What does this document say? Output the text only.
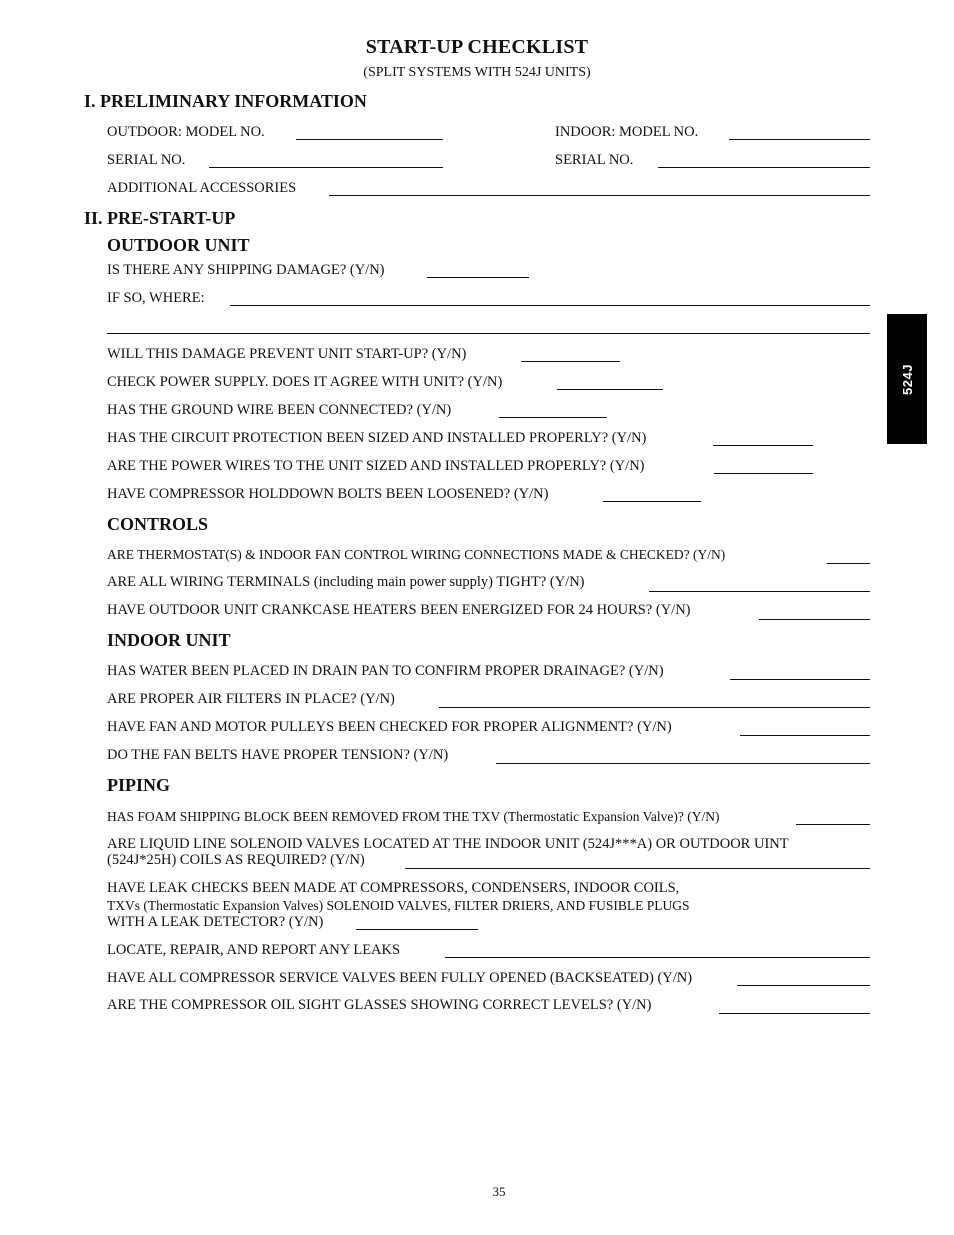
START-UP CHECKLIST
(SPLIT SYSTEMS WITH 524J UNITS)
524J
I. PRELIMINARY INFORMATION
OUTDOOR: MODEL NO.	INDOOR: MODEL NO.
SERIAL NO.	SERIAL NO.
ADDITIONAL ACCESSORIES
II. PRE-START-UP
OUTDOOR UNIT
IS THERE ANY SHIPPING DAMAGE? (Y/N)
IF SO, WHERE:
WILL THIS DAMAGE PREVENT UNIT START-UP? (Y/N)
CHECK POWER SUPPLY. DOES IT AGREE WITH UNIT? (Y/N)
HAS THE GROUND WIRE BEEN CONNECTED? (Y/N)
HAS THE CIRCUIT PROTECTION BEEN SIZED AND INSTALLED PROPERLY? (Y/N)
ARE THE POWER WIRES TO THE UNIT SIZED AND INSTALLED PROPERLY? (Y/N)
HAVE COMPRESSOR HOLDDOWN BOLTS BEEN LOOSENED? (Y/N)
CONTROLS
ARE THERMOSTAT(S) & INDOOR FAN CONTROL WIRING CONNECTIONS MADE & CHECKED? (Y/N)
ARE ALL WIRING TERMINALS (including main power supply) TIGHT? (Y/N)
HAVE OUTDOOR UNIT CRANKCASE HEATERS BEEN ENERGIZED FOR 24 HOURS? (Y/N)
INDOOR UNIT
HAS WATER BEEN PLACED IN DRAIN PAN TO CONFIRM PROPER DRAINAGE? (Y/N)
ARE PROPER AIR FILTERS IN PLACE? (Y/N)
HAVE FAN AND MOTOR PULLEYS BEEN CHECKED FOR PROPER ALIGNMENT? (Y/N)
DO THE FAN BELTS HAVE PROPER TENSION? (Y/N)
PIPING
HAS FOAM SHIPPING BLOCK BEEN REMOVED FROM THE TXV (Thermostatic Expansion Valve)? (Y/N)
ARE LIQUID LINE SOLENOID VALVES LOCATED AT THE INDOOR UNIT (524J***A) OR OUTDOOR UINT
(524J*25H) COILS AS REQUIRED? (Y/N)
HAVE LEAK CHECKS BEEN MADE AT COMPRESSORS, CONDENSERS, INDOOR COILS,
TXVs (Thermostatic Expansion Valves) SOLENOID VALVES, FILTER DRIERS, AND FUSIBLE PLUGS
WITH A LEAK DETECTOR? (Y/N)
LOCATE, REPAIR, AND REPORT ANY LEAKS
HAVE ALL COMPRESSOR SERVICE VALVES BEEN FULLY OPENED (BACKSEATED) (Y/N)
ARE THE COMPRESSOR OIL SIGHT GLASSES SHOWING CORRECT LEVELS? (Y/N)
35
